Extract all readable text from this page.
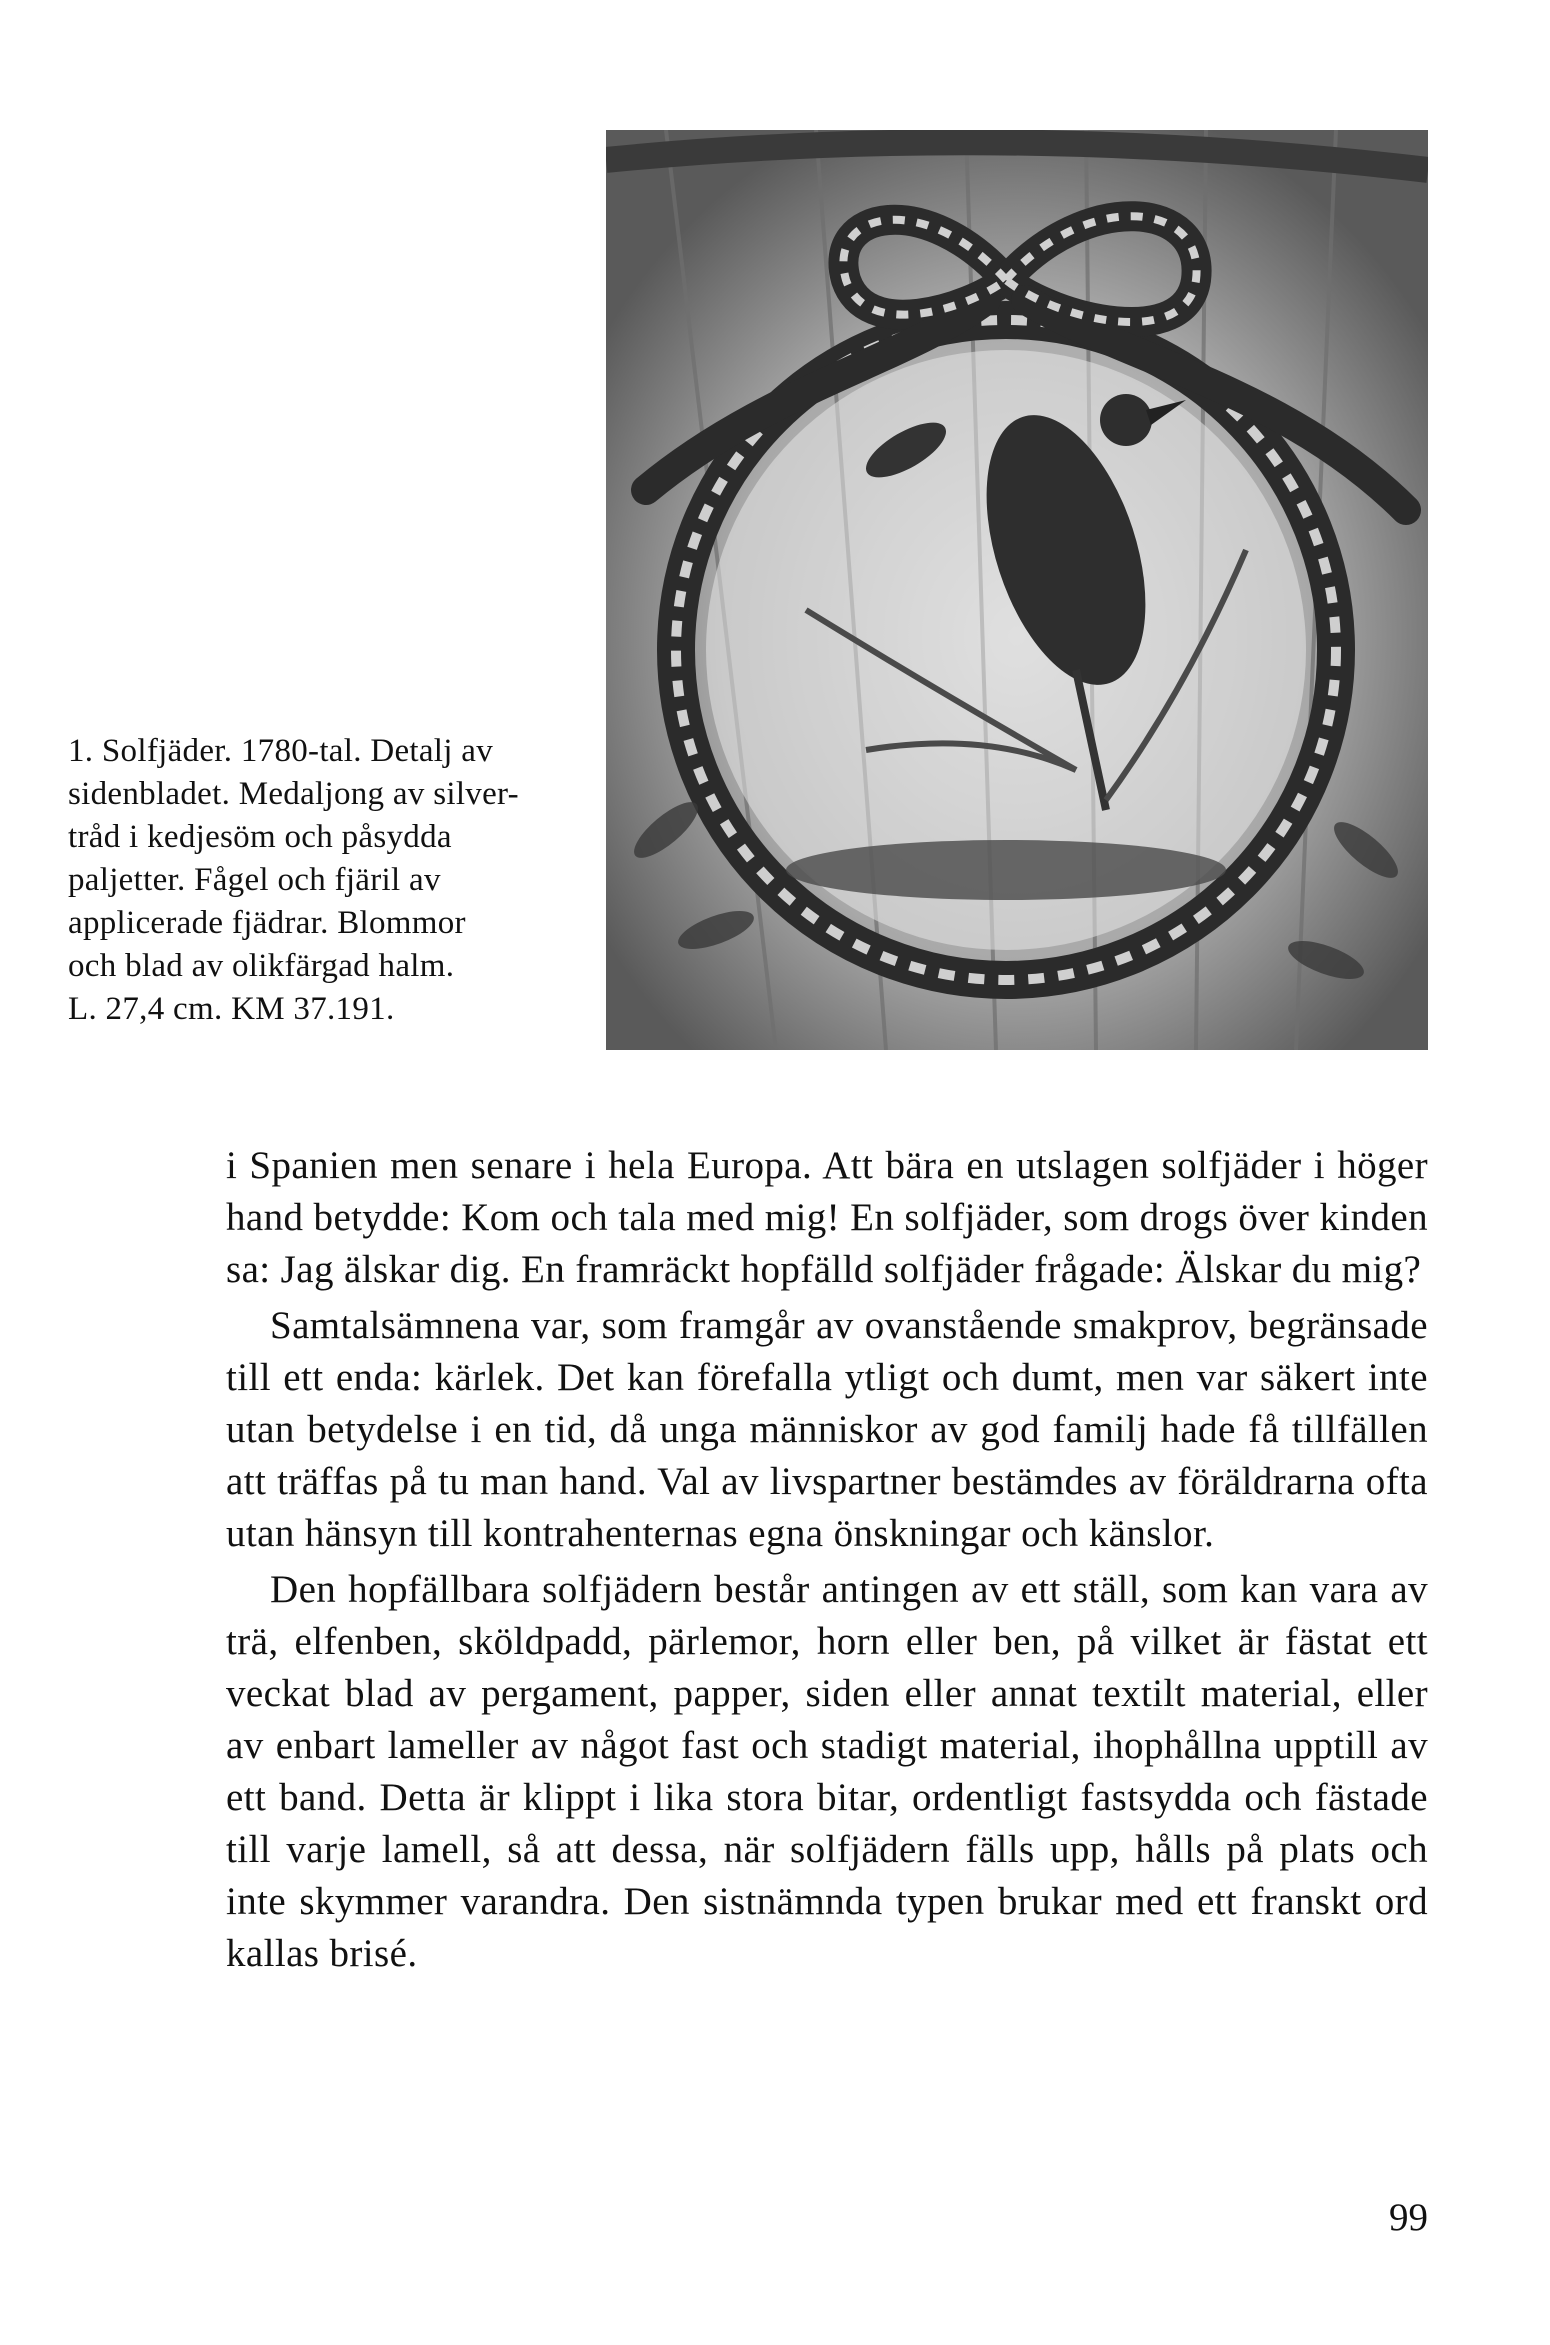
1. Solfjäder. 1780-tal. Detalj av
sidenbladet. Medaljong av silver-
tråd i kedjesöm och påsydda
paljetter. Fågel och fjäril av
applicerade fjädrar. Blommor
och blad av olikfärgad halm.
L. 27,4 cm. KM 37.191.

i Spanien men senare i hela Europa. Att bära en utslagen solfjäder i höger hand betydde: Kom och tala med mig! En solfjäder, som drogs över kinden sa: Jag älskar dig. En framräckt hopfälld solfjäder frågade: Älskar du mig?

Samtalsämnena var, som framgår av ovanstående smakprov, begränsade till ett enda: kärlek. Det kan förefalla ytligt och dumt, men var säkert inte utan betydelse i en tid, då unga människor av god familj hade få tillfällen att träffas på tu man hand. Val av livspartner bestämdes av föräldrarna ofta utan hänsyn till kontrahenternas egna önskningar och känslor.

Den hopfällbara solfjädern består antingen av ett ställ, som kan vara av trä, elfenben, sköldpadd, pärlemor, horn eller ben, på vilket är fästat ett veckat blad av pergament, papper, siden eller annat textilt material, eller av enbart lameller av något fast och stadigt material, ihophållna upptill av ett band. Detta är klippt i lika stora bitar, ordentligt fastsydda och fästade till varje lamell, så att dessa, när solfjädern fälls upp, hålls på plats och inte skymmer varandra. Den sistnämnda typen brukar med ett franskt ord kallas brisé.

99
